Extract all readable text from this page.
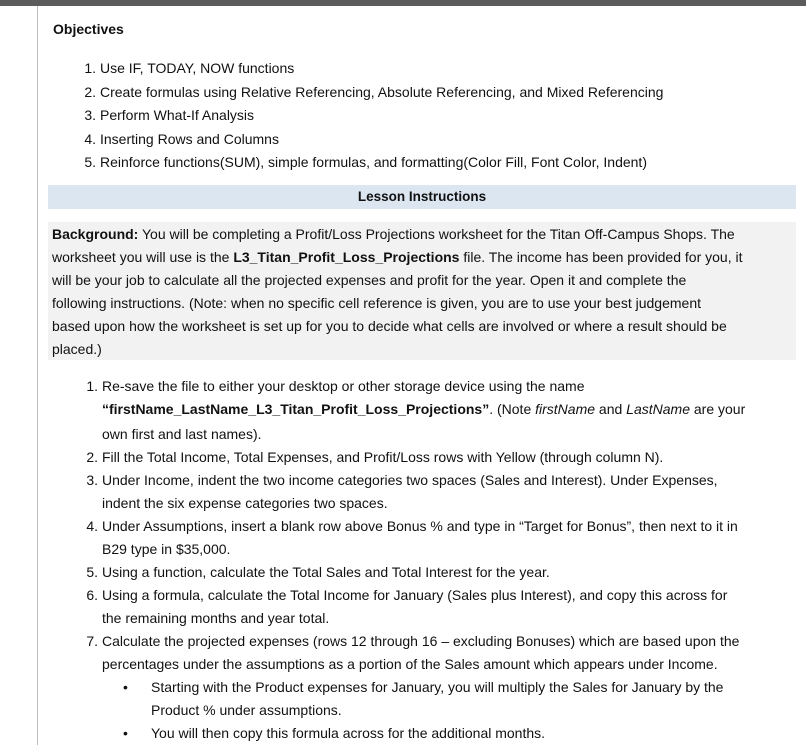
Objectives
1. Use IF, TODAY, NOW functions
2. Create formulas using Relative Referencing, Absolute Referencing, and Mixed Referencing
3. Perform What-If Analysis
4. Inserting Rows and Columns
5. Reinforce functions(SUM), simple formulas, and formatting(Color Fill, Font Color, Indent)
Lesson Instructions
Background: You will be completing a Profit/Loss Projections worksheet for the Titan Off-Campus Shops. The
worksheet you will use is the L3_Titan_Profit_Loss_Projections file. The income has been provided for you, it
will be your job to calculate all the projected expenses and profit for the year. Open it and complete the
following instructions. (Note: when no specific cell reference is given, you are to use your best judgement
based upon how the worksheet is set up for you to decide what cells are involved or where a result should be
placed.)
1. Re-save the file to either your desktop or other storage device using the name
“firstName_LastName_L3_Titan_Profit_Loss_Projections”. (Note firstName and LastName are your
own first and last names).
2. Fill the Total Income, Total Expenses, and Profit/Loss rows with Yellow (through column N).
3. Under Income, indent the two income categories two spaces (Sales and Interest). Under Expenses,
indent the six expense categories two spaces.
4. Under Assumptions, insert a blank row above Bonus % and type in “Target for Bonus”, then next to it in
B29 type in $35,000.
5. Using a function, calculate the Total Sales and Total Interest for the year.
6. Using a formula, calculate the Total Income for January (Sales plus Interest), and copy this across for
the remaining months and year total.
7. Calculate the projected expenses (rows 12 through 16 – excluding Bonuses) which are based upon the
percentages under the assumptions as a portion of the Sales amount which appears under Income.
• Starting with the Product expenses for January, you will multiply the Sales for January by the
Product % under assumptions.
• You will then copy this formula across for the additional months.
